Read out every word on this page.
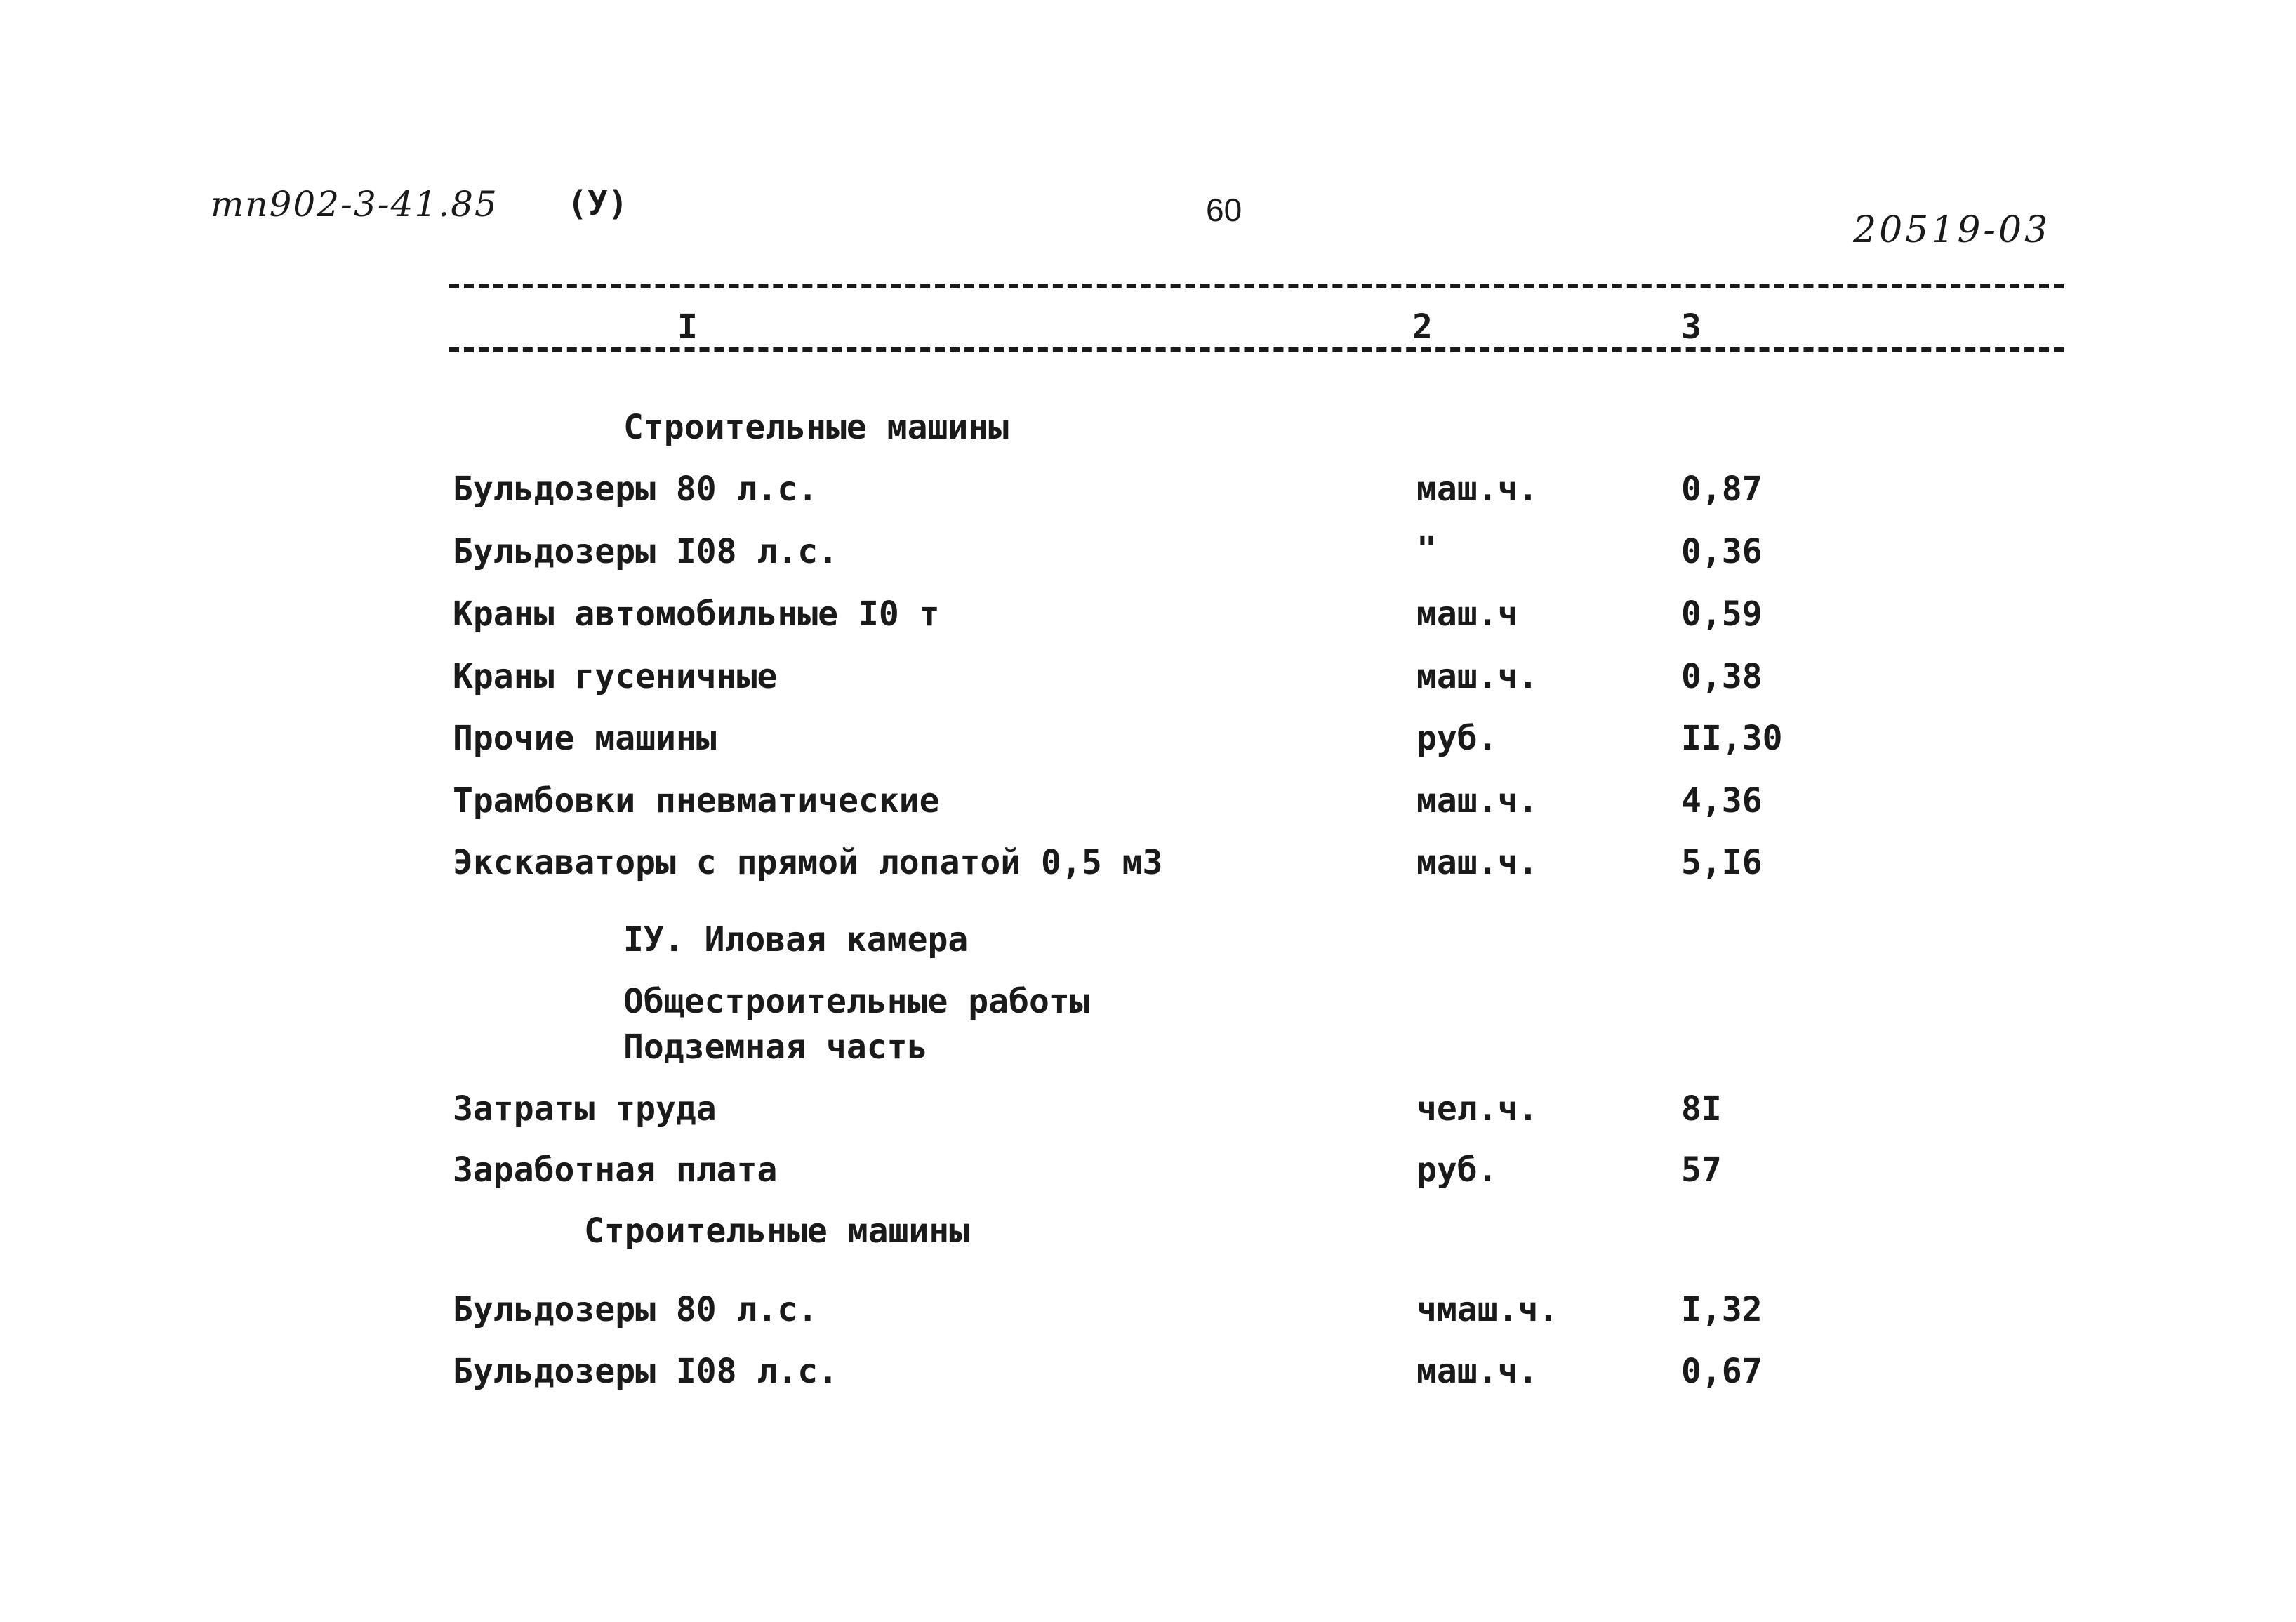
тп902-3-41.85 (У)	60	20519-03
I	2	3
Строительные машины
Бульдозеры 80 л.с.	маш.ч.	0,87
Бульдозеры I08 л.с.	"	0,36
Краны автомобильные I0 т	маш.ч	0,59
Краны гусеничные	маш.ч.	0,38
Прочие машины	руб.	II,30
Трамбовки пневматические	маш.ч.	4,36
Экскаваторы с прямой лопатой 0,5 м3	маш.ч.	5,I6
IУ. Иловая камера
Общестроительные работы
Подземная часть
Затраты труда	чел.ч.	8I
Заработная плата	руб.	57
Строительные машины
Бульдозеры 80 л.с.	чмаш.ч.	I,32
Бульдозеры I08 л.с.	маш.ч.	0,67
